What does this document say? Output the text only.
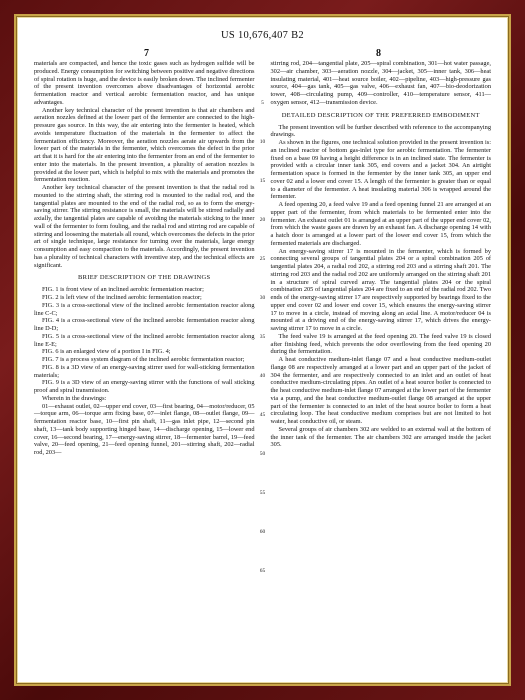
US 10,676,407 B2
7	8

materials are compacted, and hence the toxic gases such as hydrogen sulfide will be produced. Energy consumption for switching between positive and negative directions of spiral rotation is huge, and the device is easily broken down. The inclined fermenter of the present invention overcomes above disadvantages of horizontal aerobic fermentation reactor and vertical aerobic fermentation reactor, and has unique advantages.

Another key technical character of the present invention is that air chambers and aeration nozzles defined at the lower part of the fermenter are connected to the high-pressure gas source. In this way, the air entering into the fermenter is heated, which avoids temperature fluctuation of the materials in the fermenter to affect the fermentation efficiency. Moreover, the aeration nozzles aerate air upwards from the lower part of the materials in the fermenter, which overcomes the defect in the prior art that it is hard for the air entering into the fermenter from an end of the fermenter to enter into the materials. In the present invention, a plurality of aeration nozzles is provided at the lower part, which is helpful to mix with the materials and promotes the fermentation reaction.

Another key technical character of the present invention is that the radial rod is mounted to the stirring shaft, the stirring rod is mounted to the radial rod, and the tangential plates are mounted to the end of the radial rod, so as to form the energy-saving stirrer. The stirring resistance is small, the materials will be stirred radially and axially, the tangential plates are capable of avoiding the materials sticking to the inner wall of the fermenter to form fouling, and the radial rod and stirring rod are capable of stirring and loosening the materials all round, which overcomes the defects in the prior art of single technique, large resistance for turning over the materials, large energy consumption and easy compaction to the materials. Accordingly, the present invention has a plurality of technical characters with inventive step, and the technical effects are significant.

BRIEF DESCRIPTION OF THE DRAWINGS

FIG. 1 is front view of an inclined aerobic fermentation reactor;

FIG. 2 is left view of the inclined aerobic fermentation reactor;

FIG. 3 is a cross-sectional view of the inclined aerobic fermentation reactor along line C-C;

FIG. 4 is a cross-sectional view of the inclined aerobic fermentation reactor along line D-D;

FIG. 5 is a cross-sectional view of the inclined aerobic fermentation reactor along line E-E;

FIG. 6 is an enlarged view of a portion I in FIG. 4;

FIG. 7 is a process system diagram of the inclined aerobic fermentation reactor;

FIG. 8 is a 3D view of an energy-saving stirrer used for wall-sticking fermentation materials;

FIG. 9 is a 3D view of an energy-saving stirrer with the functions of wall sticking proof and spiral transmission.

Wherein in the drawings:

01—exhaust outlet, 02—upper end cover, 03—first bearing, 04—motor/reducer, 05—torque arm, 06—torque arm fixing base, 07—inlet flange, 08—outlet flange, 09—fermentation reactor base, 10—first pin shaft, 11—gas inlet pipe, 12—second pin shaft, 13—tank body supporting hinged base, 14—discharge opening, 15—lower end cover, 16—second bearing, 17—energy-saving stirrer, 18—fermenter barrel, 19—feed valve, 20—feed opening, 21—feed opening funnel, 201—stirring shaft, 202—radial rod, 203—

5
10
15
20
25
30
35
40
45
50
55
60
65

stirring rod, 204—tangential plate, 205—spiral combination, 301—hot water passage, 302—air chamber, 303—aeration nozzle, 304—jacket, 305—inner tank, 306—heat insulating material, 401—heat source boiler, 402—pipeline, 403—high-pressure gas source, 404—gas tank, 405—gas valve, 406—exhaust fan, 407—bio-deodorization tower, 408—circulating pump, 409—controller, 410—temperature sensor, 411—oxygen sensor, 412—transmission device.

DETAILED DESCRIPTION OF THE PREFERRED EMBODIMENT

The present invention will be further described with reference to the accompanying drawings.

As shown in the figures, one technical solution provided in the present invention is: an inclined reactor of bottom gas-inlet type for aerobic fermentation. The fermenter fixed on a base 09 having a height difference is in an inclined state. The fermenter is provided with a circular inner tank 305, end covers and a jacket 304. An airtight fermentation space is formed in the fermenter by the inner tank 305, an upper end cover 02 and a lower end cover 15. A length of the fermenter is greater than or equal to a diameter of the fermenter. A heat insulating material 306 is wrapped around the fermenter.

A feed opening 20, a feed valve 19 and a feed opening funnel 21 are arranged at an upper part of the fermenter, from which materials to be fermented enter into the fermenter. An exhaust outlet 01 is arranged at an upper part of the upper end cover 02, from which the waste gases are drawn by an exhaust fan. A discharge opening 14 with a hatch door is arranged at a lower part of the lower end cover 15, from which the fermented materials are discharged.

An energy-saving stirrer 17 is mounted in the fermenter, which is formed by connecting several groups of tangential plates 204 or a spiral combination 205 of tangential plates 204, a radial rod 202, a stirring rod 203 and a stirring shaft 201. The stirring rod 203 and the radial rod 202 are uniformly arranged on the stirring shaft 201 in a structure of spiral curved array. The tangential plates 204 or the spiral combination 205 of tangential plates 204 are fixed to an end of the radial rod 202. Two ends of the energy-saving stirrer 17 are respectively supported by bearings fixed to the upper end cover 02 and lower end cover 15, which ensures the energy-saving stirrer 17 to move in a circle, instead of moving along an axial line. A motor/reducer 04 is mounted at a driving end of the energy-saving stirrer 17, which drives the energy-saving stirrer 17 to move in a circle.

The feed valve 19 is arranged at the feed opening 20. The feed valve 19 is closed after finishing feed, which prevents the odor overflowing from the feed opening 20 during the fermentation.

A heat conductive medium-inlet flange 07 and a heat conductive medium-outlet flange 08 are respectively arranged at a lower part and an upper part of the jacket of 304 the fermenter, and are respectively connected to an inlet and an outlet of heat conductive medium-circulating pipes. An outlet of a heat source boiler is connected to the heat conductive medium-inlet flange 07 arranged at the lower part of the fermenter via a pump, and the heat conductive medium-outlet flange 08 arranged at the upper part of the fermenter is connected to an inlet of the heat source boiler to form a heat circulating loop. The heat conductive medium comprises but are not limited to hot water, heat conductive oil, or steam.

Several groups of air chambers 302 are welded to an external wall at the bottom of the inner tank of the fermenter. The air chambers 302 are arranged inside the jacket 305.
